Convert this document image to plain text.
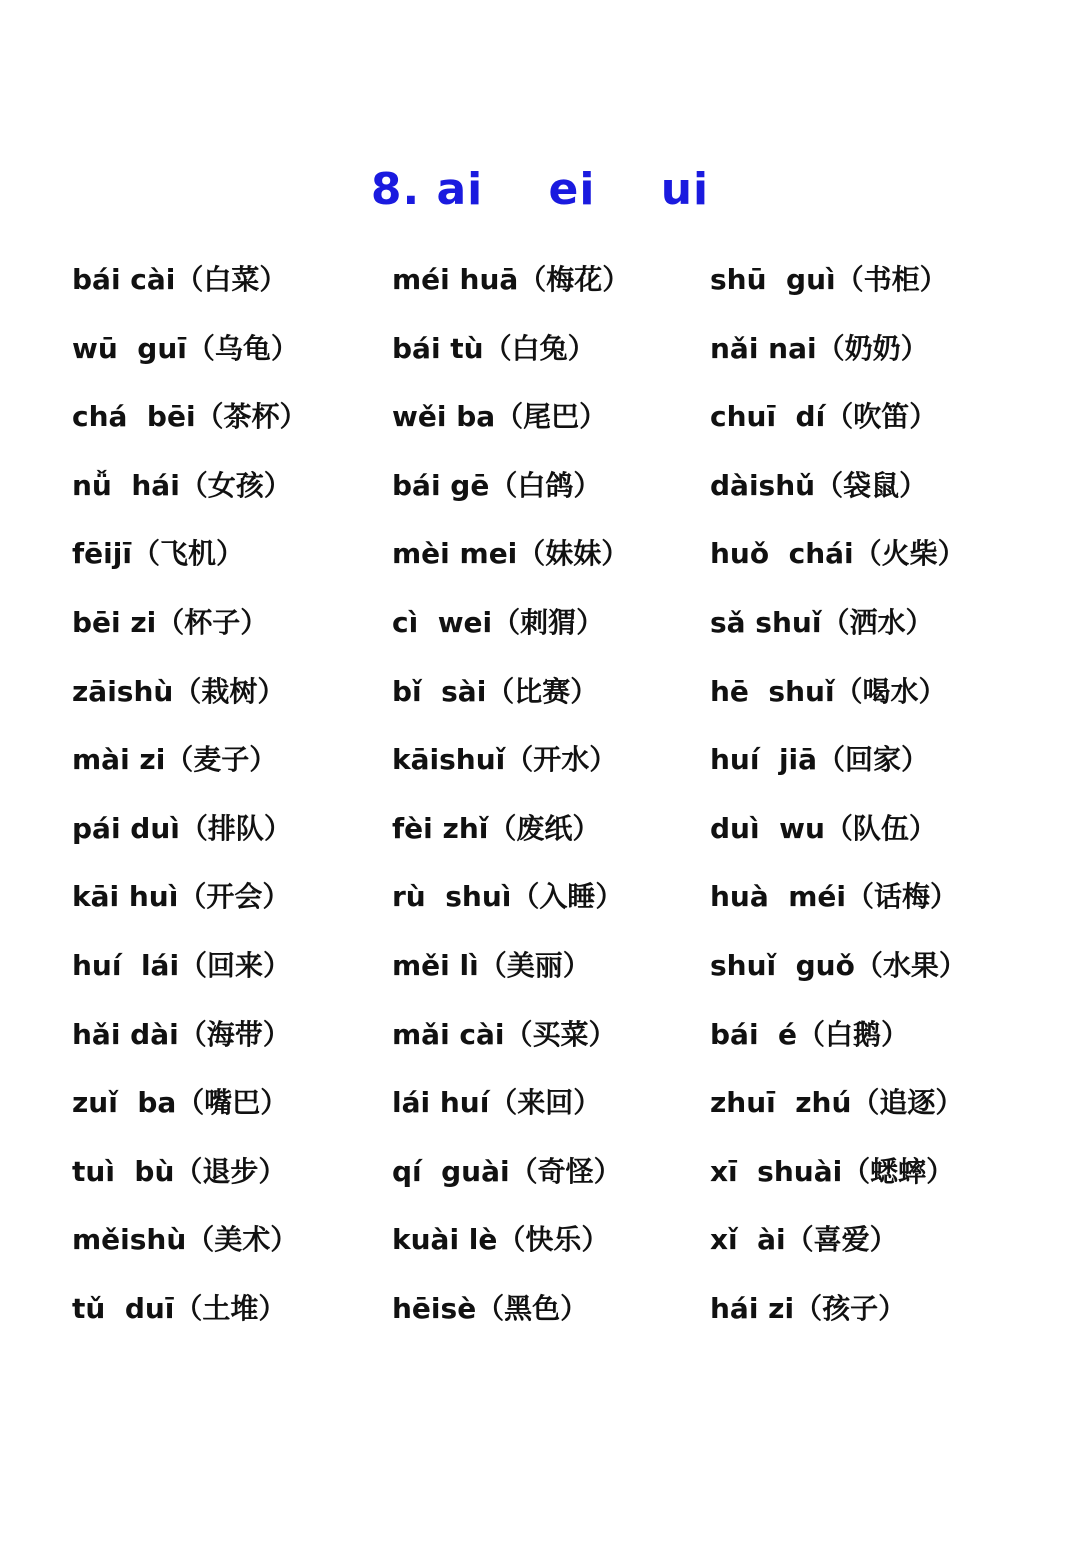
8. ai    ei    ui
bái cài（白菜）	méi huā（梅花）	shū  guì（书柜）
wū  guī（乌龟）	bái tù（白兔）	nǎi nai（奶奶）
chá  bēi（茶杯）	wěi ba（尾巴）	chuī  dí（吹笛）
nǚ  hái（女孩）	bái gē（白鸽）	dàishǔ（袋鼠）
fēijī（飞机）	mèi mei（妹妹）	huǒ  chái（火柴）
bēi zi（杯子）	cì  wei（刺猬）	sǎ shuǐ（洒水）
zāishù（栽树）	bǐ  sài（比赛）	hē  shuǐ（喝水）
mài zi（麦子）	kāishuǐ（开水）	huí  jiā（回家）
pái duì（排队）	fèi zhǐ（废纸）	duì  wu（队伍）
kāi huì（开会）	rù  shuì（入睡）	huà  méi（话梅）
huí  lái（回来）	měi lì（美丽）	shuǐ  guǒ（水果）
hǎi dài（海带）	mǎi cài（买菜）	bái  é（白鹅）
zuǐ  ba（嘴巴）	lái huí（来回）	zhuī  zhú（追逐）
tuì  bù（退步）	qí  guài（奇怪）	xī  shuài（蟋蟀）
měishù（美术）	kuài lè（快乐）	xǐ  ài（喜爱）
tǔ  duī（土堆）	hēisè（黑色）	hái zi（孩子）
